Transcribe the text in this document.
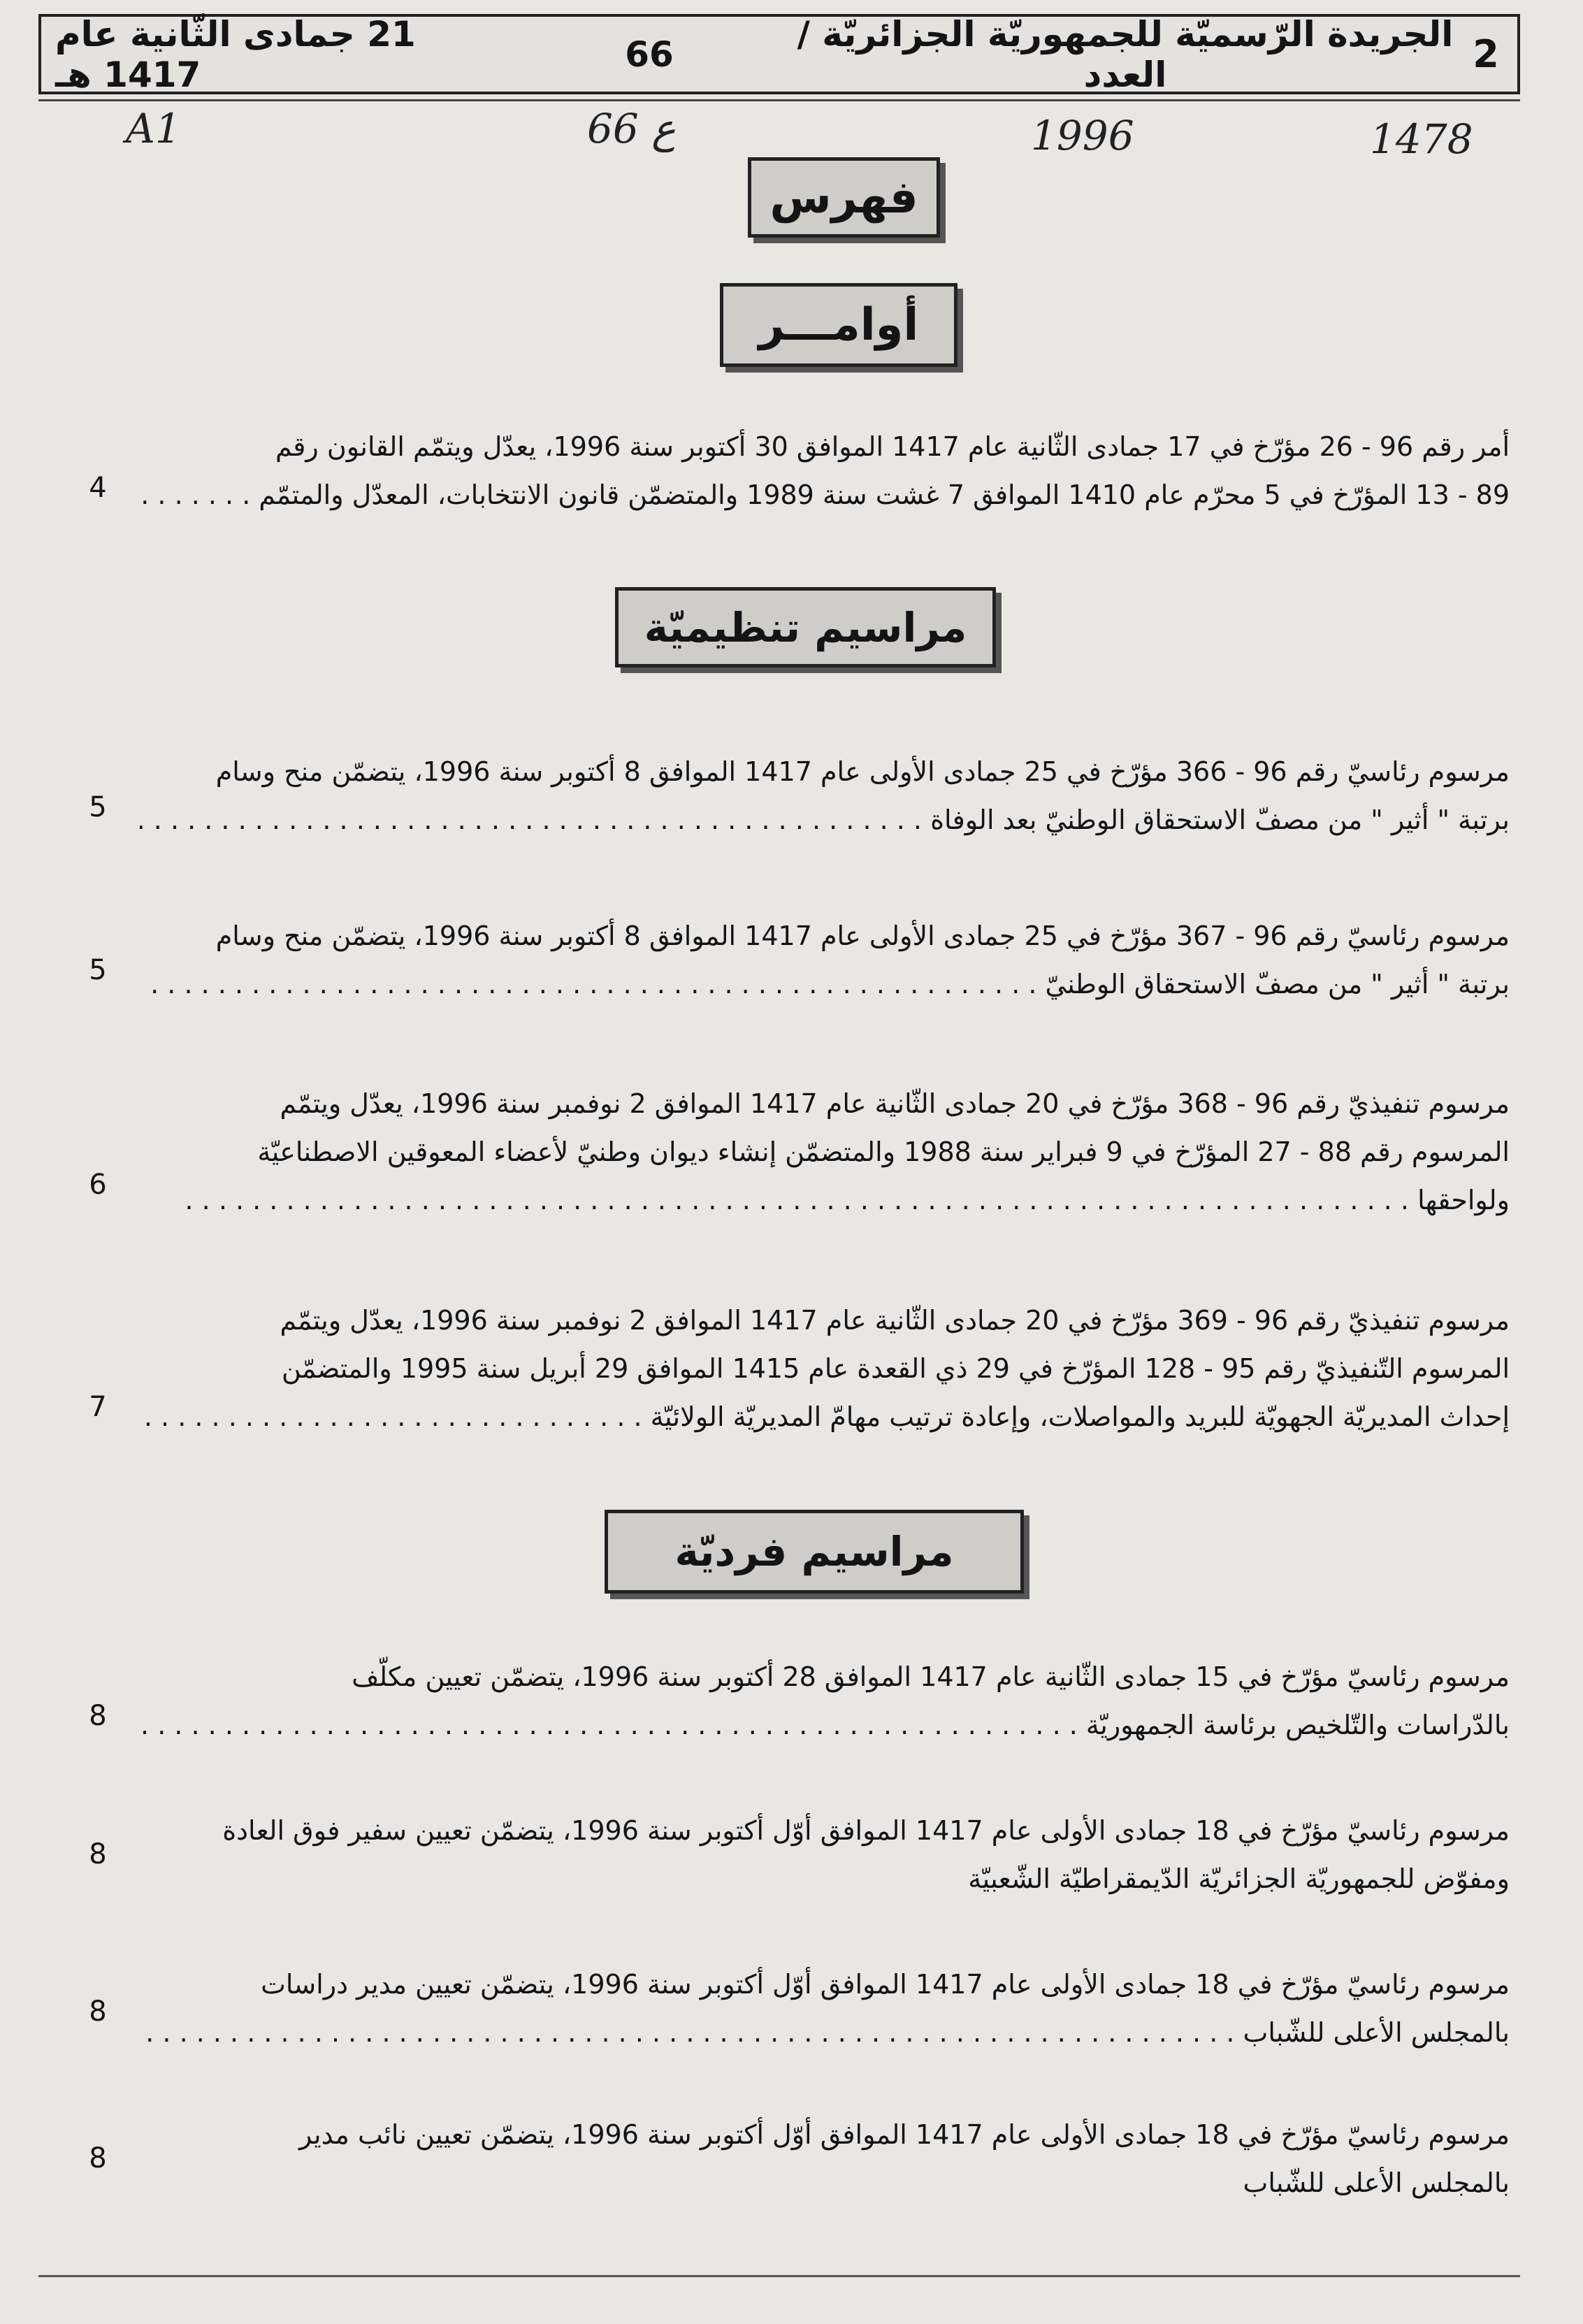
2
الجريدة الرّسميّة للجمهوريّة الجزائريّة / العدد
66
21 جمادى الثّانية عام 1417 هـ
A1	66 ع	1996	1478
فهرس
أوامـــر
أمر رقم 96 - 26 مؤرّخ في 17 جمادى الثّانية عام 1417 الموافق 30 أكتوبر سنة 1996، يعدّل ويتمّم القانون رقم
89 - 13 المؤرّخ في 5 محرّم عام 1410 الموافق 7 غشت سنة 1989 والمتضمّن قانون الانتخابات، المعدّل والمتمّم . . .
4
مراسيم تنظيميّة
مرسوم رئاسيّ رقم 96 - 366 مؤرّخ في 25 جمادى الأولى عام 1417 الموافق 8 أكتوبر سنة 1996، يتضمّن منح وسام
برتبة " أثير " من مصفّ الاستحقاق الوطنيّ بعد الوفاة . . .
5
مرسوم رئاسيّ رقم 96 - 367 مؤرّخ في 25 جمادى الأولى عام 1417 الموافق 8 أكتوبر سنة 1996، يتضمّن منح وسام
برتبة " أثير " من مصفّ الاستحقاق الوطنيّ . . .
5
مرسوم تنفيذيّ رقم 96 - 368 مؤرّخ في 20 جمادى الثّانية عام 1417 الموافق 2 نوفمبر سنة 1996، يعدّل ويتمّم
المرسوم رقم 88 - 27 المؤرّخ في 9 فبراير سنة 1988 والمتضمّن إنشاء ديوان وطنيّ لأعضاء المعوقين الاصطناعيّة
ولواحقها . . .
6
مرسوم تنفيذيّ رقم 96 - 369 مؤرّخ في 20 جمادى الثّانية عام 1417 الموافق 2 نوفمبر سنة 1996، يعدّل ويتمّم
المرسوم التّنفيذيّ رقم 95 - 128 المؤرّخ في 29 ذي القعدة عام 1415 الموافق 29 أبريل سنة 1995 والمتضمّن
إحداث المديريّة الجهويّة للبريد والمواصلات، وإعادة ترتيب مهامّ المديريّة الولائيّة . . .
7
مراسيم فرديّة
مرسوم رئاسيّ مؤرّخ في 15 جمادى الثّانية عام 1417 الموافق 28 أكتوبر سنة 1996، يتضمّن تعيين مكلّف
بالدّراسات والتّلخيص برئاسة الجمهوريّة . . .
8
مرسوم رئاسيّ مؤرّخ في 18 جمادى الأولى عام 1417 الموافق أوّل أكتوبر سنة 1996، يتضمّن تعيين سفير فوق العادة
ومفوّض للجمهوريّة الجزائريّة الدّيمقراطيّة الشّعبيّة
8
مرسوم رئاسيّ مؤرّخ في 18 جمادى الأولى عام 1417 الموافق أوّل أكتوبر سنة 1996، يتضمّن تعيين مدير دراسات
بالمجلس الأعلى للشّباب . . .
8
مرسوم رئاسيّ مؤرّخ في 18 جمادى الأولى عام 1417 الموافق أوّل أكتوبر سنة 1996، يتضمّن تعيين نائب مدير
بالمجلس الأعلى للشّباب
8
